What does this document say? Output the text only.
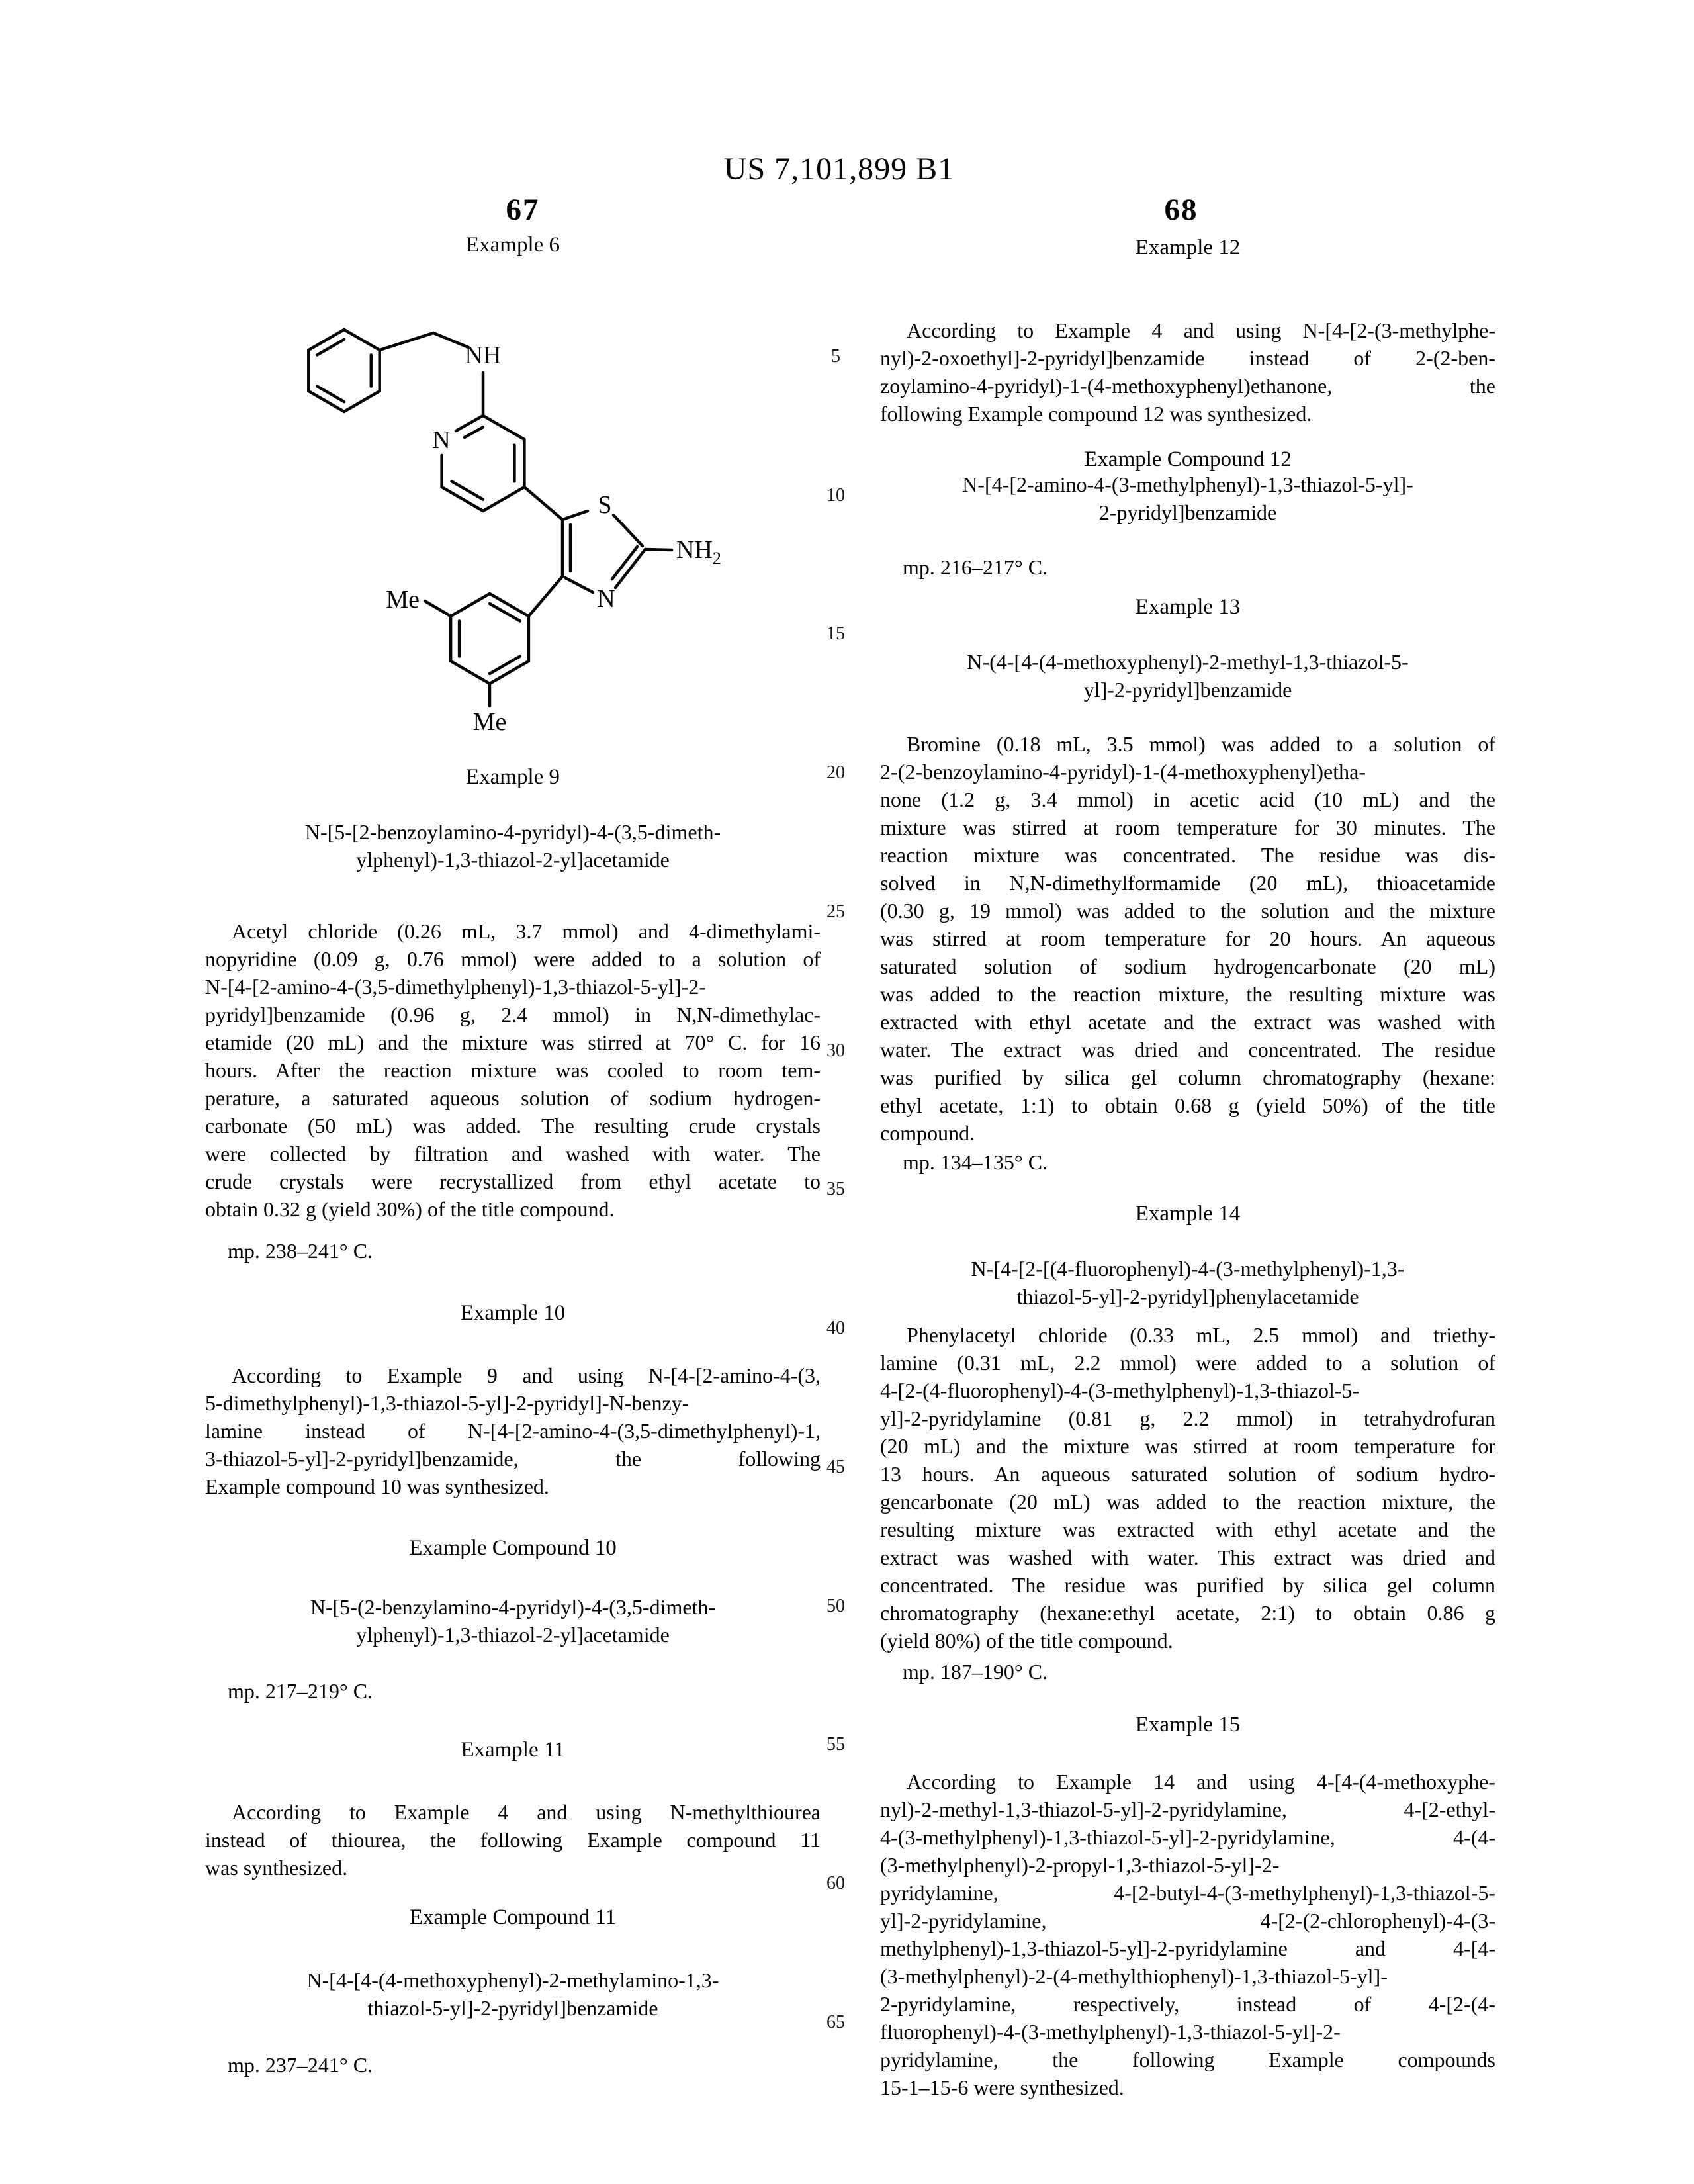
US 7,101,899 B1
67	68
5
10
15
20
25
30
35
40
45
50
55
60
65
Example 6
NH
N
S
N
$NH_2$
Me
Me
Example 9
N-[5-[2-benzoylamino-4-pyridyl)-4-(3,5-dimeth-
ylphenyl)-1,3-thiazol-2-yl]acetamide
Acetyl chloride (0.26 mL, 3.7 mmol) and 4-dimethylami-
nopyridine (0.09 g, 0.76 mmol) were added to a solution of
N-[4-[2-amino-4-(3,5-dimethylphenyl)-1,3-thiazol-5-yl]-2-
pyridyl]benzamide (0.96 g, 2.4 mmol) in N,N-dimethylac-
etamide (20 mL) and the mixture was stirred at 70° C. for 16
hours. After the reaction mixture was cooled to room tem-
perature, a saturated aqueous solution of sodium hydrogen-
carbonate (50 mL) was added. The resulting crude crystals
were collected by filtration and washed with water. The
crude crystals were recrystallized from ethyl acetate to
obtain 0.32 g (yield 30%) of the title compound.
mp. 238–241° C.
Example 10
According to Example 9 and using N-[4-[2-amino-4-(3,
5-dimethylphenyl)-1,3-thiazol-5-yl]-2-pyridyl]-N-benzy-
lamine instead of N-[4-[2-amino-4-(3,5-dimethylphenyl)-1,
3-thiazol-5-yl]-2-pyridyl]benzamide, the following
Example compound 10 was synthesized.
Example Compound 10
N-[5-(2-benzylamino-4-pyridyl)-4-(3,5-dimeth-
ylphenyl)-1,3-thiazol-2-yl]acetamide
mp. 217–219° C.
Example 11
According to Example 4 and using N-methylthiourea
instead of thiourea, the following Example compound 11
was synthesized.
Example Compound 11
N-[4-[4-(4-methoxyphenyl)-2-methylamino-1,3-
thiazol-5-yl]-2-pyridyl]benzamide
mp. 237–241° C.
Example 12
According to Example 4 and using N-[4-[2-(3-methylphe-
nyl)-2-oxoethyl]-2-pyridyl]benzamide instead of 2-(2-ben-
zoylamino-4-pyridyl)-1-(4-methoxyphenyl)ethanone, the
following Example compound 12 was synthesized.
Example Compound 12
N-[4-[2-amino-4-(3-methylphenyl)-1,3-thiazol-5-yl]-
2-pyridyl]benzamide
mp. 216–217° C.
Example 13
N-(4-[4-(4-methoxyphenyl)-2-methyl-1,3-thiazol-5-
yl]-2-pyridyl]benzamide
Bromine (0.18 mL, 3.5 mmol) was added to a solution of
2-(2-benzoylamino-4-pyridyl)-1-(4-methoxyphenyl)etha-
none (1.2 g, 3.4 mmol) in acetic acid (10 mL) and the
mixture was stirred at room temperature for 30 minutes. The
reaction mixture was concentrated. The residue was dis-
solved in N,N-dimethylformamide (20 mL), thioacetamide
(0.30 g, 19 mmol) was added to the solution and the mixture
was stirred at room temperature for 20 hours. An aqueous
saturated solution of sodium hydrogencarbonate (20 mL)
was added to the reaction mixture, the resulting mixture was
extracted with ethyl acetate and the extract was washed with
water. The extract was dried and concentrated. The residue
was purified by silica gel column chromatography (hexane:
ethyl acetate, 1:1) to obtain 0.68 g (yield 50%) of the title
compound.
mp. 134–135° C.
Example 14
N-[4-[2-[(4-fluorophenyl)-4-(3-methylphenyl)-1,3-
thiazol-5-yl]-2-pyridyl]phenylacetamide
Phenylacetyl chloride (0.33 mL, 2.5 mmol) and triethy-
lamine (0.31 mL, 2.2 mmol) were added to a solution of
4-[2-(4-fluorophenyl)-4-(3-methylphenyl)-1,3-thiazol-5-
yl]-2-pyridylamine (0.81 g, 2.2 mmol) in tetrahydrofuran
(20 mL) and the mixture was stirred at room temperature for
13 hours. An aqueous saturated solution of sodium hydro-
gencarbonate (20 mL) was added to the reaction mixture, the
resulting mixture was extracted with ethyl acetate and the
extract was washed with water. This extract was dried and
concentrated. The residue was purified by silica gel column
chromatography (hexane:ethyl acetate, 2:1) to obtain 0.86 g
(yield 80%) of the title compound.
mp. 187–190° C.
Example 15
According to Example 14 and using 4-[4-(4-methoxyphe-
nyl)-2-methyl-1,3-thiazol-5-yl]-2-pyridylamine, 4-[2-ethyl-
4-(3-methylphenyl)-1,3-thiazol-5-yl]-2-pyridylamine, 4-(4-
(3-methylphenyl)-2-propyl-1,3-thiazol-5-yl]-2-
pyridylamine, 4-[2-butyl-4-(3-methylphenyl)-1,3-thiazol-5-
yl]-2-pyridylamine, 4-[2-(2-chlorophenyl)-4-(3-
methylphenyl)-1,3-thiazol-5-yl]-2-pyridylamine and 4-[4-
(3-methylphenyl)-2-(4-methylthiophenyl)-1,3-thiazol-5-yl]-
2-pyridylamine, respectively, instead of 4-[2-(4-
fluorophenyl)-4-(3-methylphenyl)-1,3-thiazol-5-yl]-2-
pyridylamine, the following Example compounds
15-1–15-6 were synthesized.
